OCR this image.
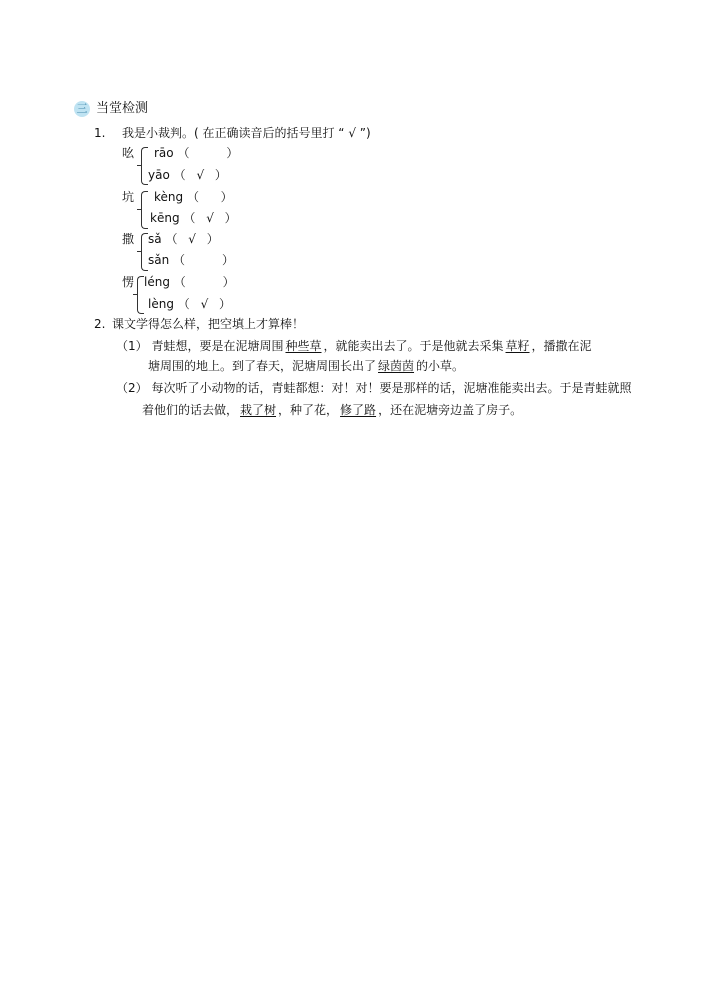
三 当堂检测
1. 我是小裁判。( 在正确读音后的括号里打 “ √ ”)
吆 rāo （      ）
yāo （  √  ）
坑 kèng （  ）
kēng （  √  ）
撒 sǎ （  √  ）
sǎn （      ）
愣 léng （      ）
lèng （  √  ）
2. 课文学得怎么样，把空填上才算棒！
（1） 青蛙想，要是在泥塘周围 种些草 ，就能卖出去了。于是他就去采集 草籽 ，播撒在泥
塘周围的地上。到了春天，泥塘周围长出了 绿茵茵 的小草。
（2） 每次听了小动物的话，青蛙都想：对！对！要是那样的话，泥塘准能卖出去。于是青蛙就照
着他们的话去做， 栽了树 ，种了花， 修了路 ，还在泥塘旁边盖了房子。
